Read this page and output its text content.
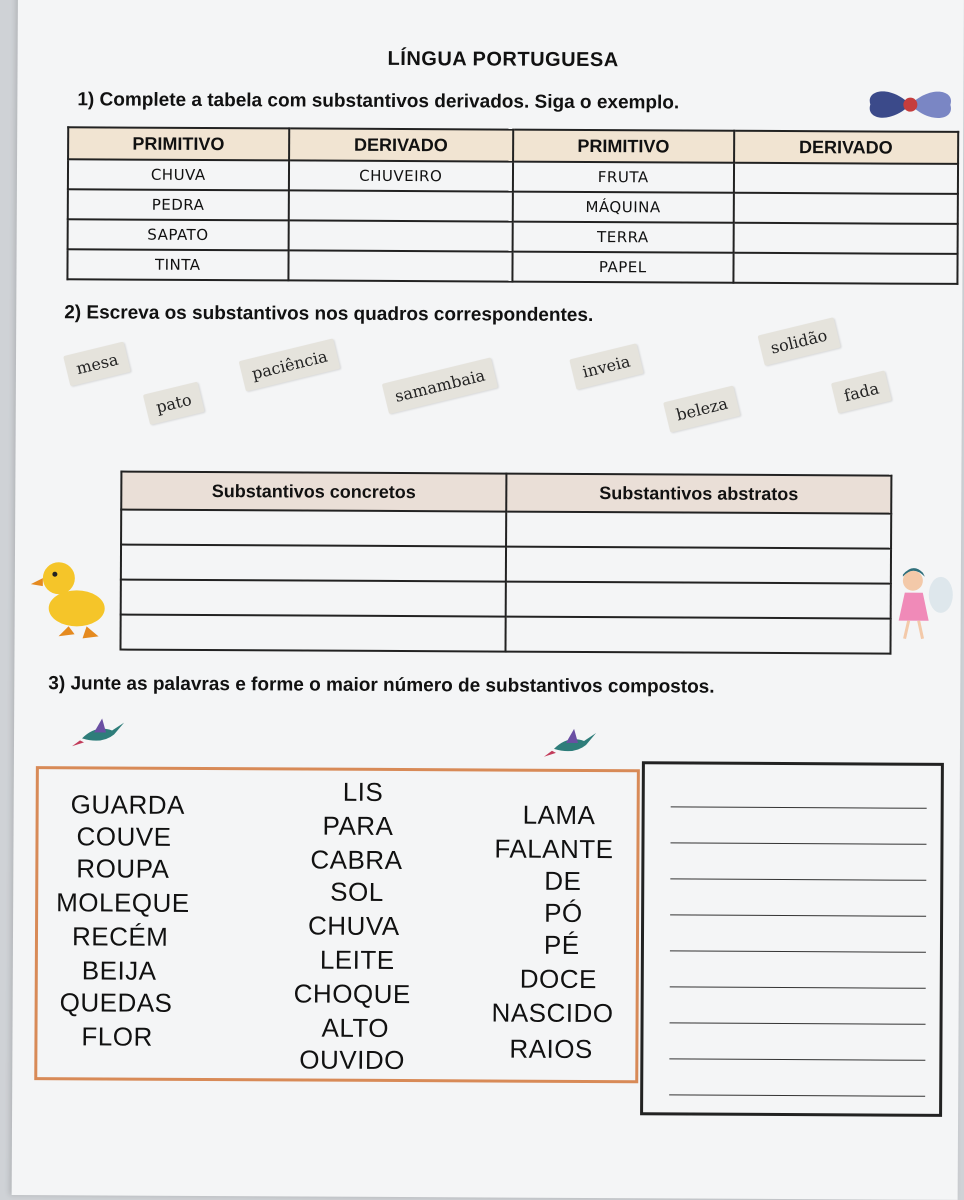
LÍNGUA PORTUGUESA
1) Complete a tabela com substantivos derivados. Siga o exemplo.
PRIMITIVO	DERIVADO	PRIMITIVO	DERIVADO
CHUVA	CHUVEIRO	FRUTA	
PEDRA		MÁQUINA	
SAPATO		TERRA	
TINTA		PAPEL	
2) Escreva os substantivos nos quadros correspondentes.
mesa
pato
paciência
samambaia	inveia
beleza
solidão
fada
Substantivos concretos	Substantivos abstratos

3) Junte as palavras e forme o maior número de substantivos compostos.
GUARDA
COUVE
ROUPA
MOLEQUE
RECÉM
BEIJA
QUEDAS
FLOR
LIS
PARA
CABRA
SOL
CHUVA
LEITE
CHOQUE
ALTO
OUVIDO
LAMA
FALANTE
DE
PÓ
PÉ
DOCE
NASCIDO
RAIOS
